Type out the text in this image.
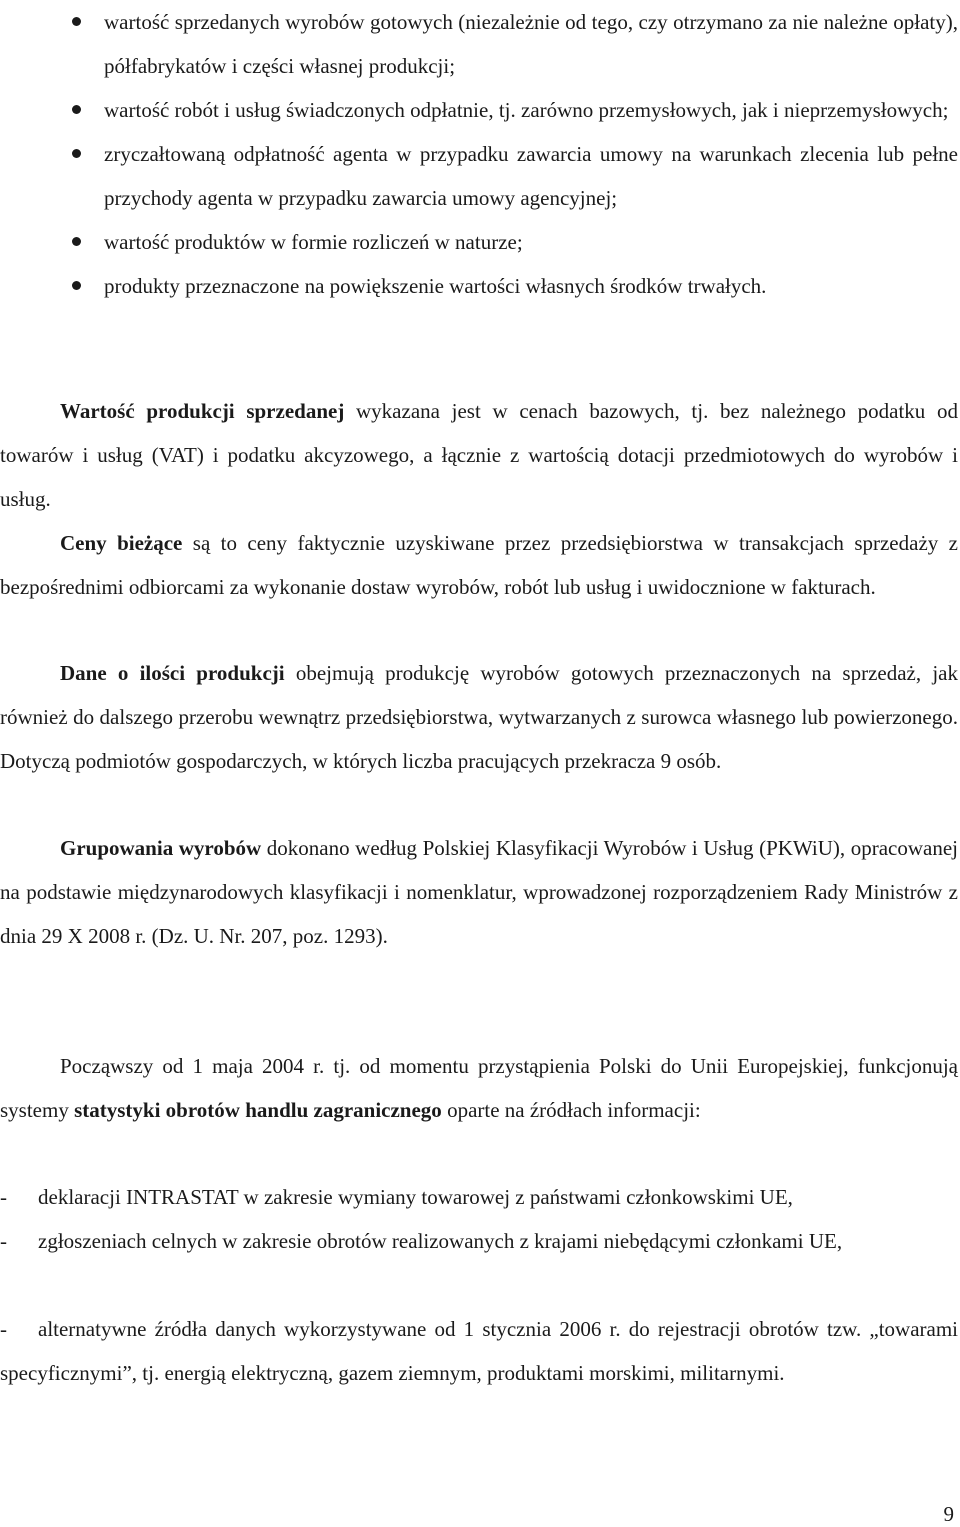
wartość sprzedanych wyrobów gotowych (niezależnie od tego, czy otrzymano za nie należne opłaty), półfabrykatów i części własnej produkcji;
wartość robót i usług świadczonych odpłatnie, tj. zarówno przemysłowych, jak i nieprzemysłowych;
zryczałtowaną odpłatność agenta w przypadku zawarcia umowy na warunkach zlecenia lub pełne przychody agenta w przypadku zawarcia umowy agencyjnej;
wartość produktów w formie rozliczeń w naturze;
produkty przeznaczone na powiększenie wartości własnych środków trwałych.

Wartość produkcji sprzedanej wykazana jest w cenach bazowych, tj. bez należnego podatku od towarów i usług (VAT) i podatku akcyzowego, a łącznie z wartością dotacji przedmiotowych do wyrobów i usług.

Ceny bieżące są to ceny faktycznie uzyskiwane przez przedsiębiorstwa w transakcjach sprzedaży z bezpośrednimi odbiorcami za wykonanie dostaw wyrobów, robót lub usług i uwidocznione w fakturach.

Dane o ilości produkcji obejmują produkcję wyrobów gotowych przeznaczonych na sprzedaż, jak również do dalszego przerobu wewnątrz przedsiębiorstwa, wytwarzanych z surowca własnego lub powierzonego. Dotyczą podmiotów gospodarczych, w których liczba pracujących przekracza 9 osób.

Grupowania wyrobów dokonano według Polskiej Klasyfikacji Wyrobów i Usług (PKWiU), opracowanej na podstawie międzynarodowych klasyfikacji i nomenklatur, wprowadzonej rozporządzeniem Rady Ministrów z dnia 29 X 2008 r. (Dz. U. Nr. 207, poz. 1293).

Począwszy od 1 maja 2004 r. tj. od momentu przystąpienia Polski do Unii Europejskiej, funkcjonują systemy statystyki obrotów handlu zagranicznego oparte na źródłach informacji:

- deklaracji INTRASTAT w zakresie wymiany towarowej z państwami członkowskimi UE,

- zgłoszeniach celnych w zakresie obrotów realizowanych z krajami niebędącymi członkami UE,

- alternatywne źródła danych wykorzystywane od 1 stycznia 2006 r. do rejestracji obrotów tzw. „towarami specyficznymi”, tj. energią elektryczną, gazem ziemnym, produktami morskimi, militarnymi.

9
